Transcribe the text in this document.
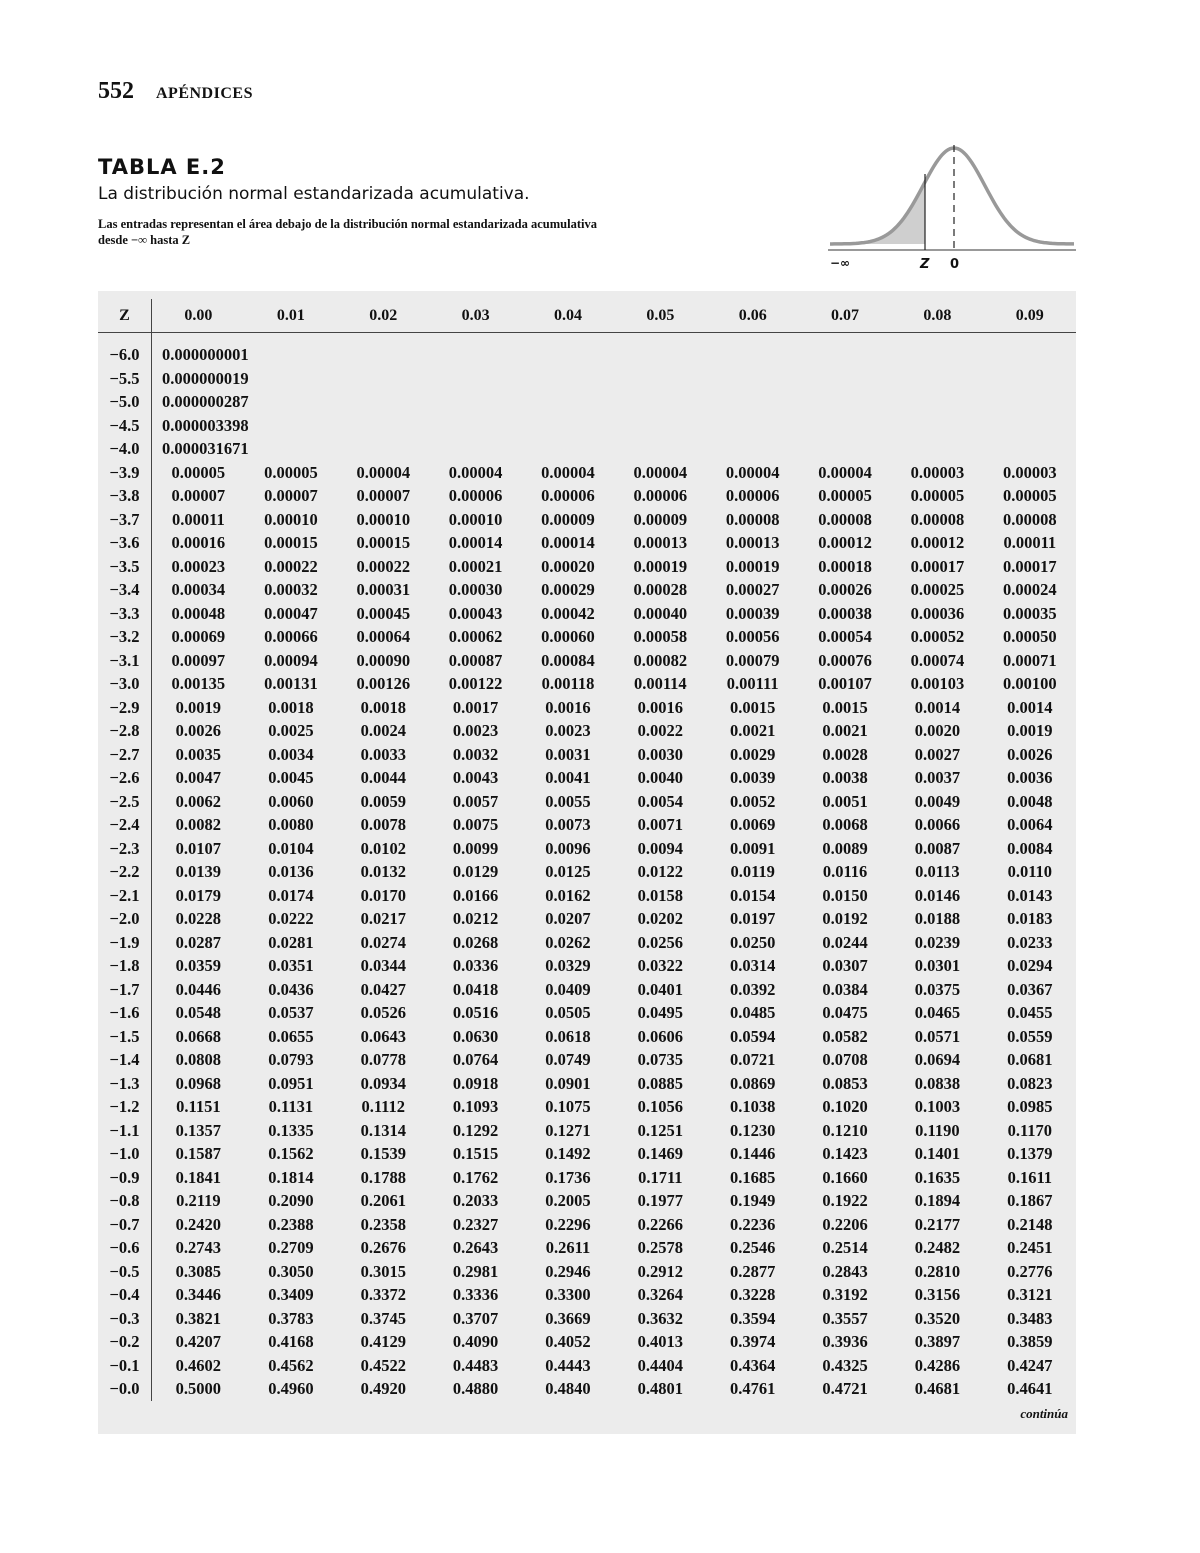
552 APÉNDICES
TABLA E.2
La distribución normal estandarizada acumulativa.
Las entradas representan el área debajo de la distribución normal estandarizada acumulativa
desde −∞ hasta Z
−∞	Z 0
Z	0.00	0.01	0.02	0.03	0.04	0.05	0.06	0.07	0.08	0.09

−6.0	0.000000001									
−5.5	0.000000019									
−5.0	0.000000287									
−4.5	0.000003398									
−4.0	0.000031671									
−3.9	0.00005	0.00005	0.00004	0.00004	0.00004	0.00004	0.00004	0.00004	0.00003	0.00003
−3.8	0.00007	0.00007	0.00007	0.00006	0.00006	0.00006	0.00006	0.00005	0.00005	0.00005
−3.7	0.00011	0.00010	0.00010	0.00010	0.00009	0.00009	0.00008	0.00008	0.00008	0.00008
−3.6	0.00016	0.00015	0.00015	0.00014	0.00014	0.00013	0.00013	0.00012	0.00012	0.00011
−3.5	0.00023	0.00022	0.00022	0.00021	0.00020	0.00019	0.00019	0.00018	0.00017	0.00017
−3.4	0.00034	0.00032	0.00031	0.00030	0.00029	0.00028	0.00027	0.00026	0.00025	0.00024
−3.3	0.00048	0.00047	0.00045	0.00043	0.00042	0.00040	0.00039	0.00038	0.00036	0.00035
−3.2	0.00069	0.00066	0.00064	0.00062	0.00060	0.00058	0.00056	0.00054	0.00052	0.00050
−3.1	0.00097	0.00094	0.00090	0.00087	0.00084	0.00082	0.00079	0.00076	0.00074	0.00071
−3.0	0.00135	0.00131	0.00126	0.00122	0.00118	0.00114	0.00111	0.00107	0.00103	0.00100
−2.9	0.0019	0.0018	0.0018	0.0017	0.0016	0.0016	0.0015	0.0015	0.0014	0.0014
−2.8	0.0026	0.0025	0.0024	0.0023	0.0023	0.0022	0.0021	0.0021	0.0020	0.0019
−2.7	0.0035	0.0034	0.0033	0.0032	0.0031	0.0030	0.0029	0.0028	0.0027	0.0026
−2.6	0.0047	0.0045	0.0044	0.0043	0.0041	0.0040	0.0039	0.0038	0.0037	0.0036
−2.5	0.0062	0.0060	0.0059	0.0057	0.0055	0.0054	0.0052	0.0051	0.0049	0.0048
−2.4	0.0082	0.0080	0.0078	0.0075	0.0073	0.0071	0.0069	0.0068	0.0066	0.0064
−2.3	0.0107	0.0104	0.0102	0.0099	0.0096	0.0094	0.0091	0.0089	0.0087	0.0084
−2.2	0.0139	0.0136	0.0132	0.0129	0.0125	0.0122	0.0119	0.0116	0.0113	0.0110
−2.1	0.0179	0.0174	0.0170	0.0166	0.0162	0.0158	0.0154	0.0150	0.0146	0.0143
−2.0	0.0228	0.0222	0.0217	0.0212	0.0207	0.0202	0.0197	0.0192	0.0188	0.0183
−1.9	0.0287	0.0281	0.0274	0.0268	0.0262	0.0256	0.0250	0.0244	0.0239	0.0233
−1.8	0.0359	0.0351	0.0344	0.0336	0.0329	0.0322	0.0314	0.0307	0.0301	0.0294
−1.7	0.0446	0.0436	0.0427	0.0418	0.0409	0.0401	0.0392	0.0384	0.0375	0.0367
−1.6	0.0548	0.0537	0.0526	0.0516	0.0505	0.0495	0.0485	0.0475	0.0465	0.0455
−1.5	0.0668	0.0655	0.0643	0.0630	0.0618	0.0606	0.0594	0.0582	0.0571	0.0559
−1.4	0.0808	0.0793	0.0778	0.0764	0.0749	0.0735	0.0721	0.0708	0.0694	0.0681
−1.3	0.0968	0.0951	0.0934	0.0918	0.0901	0.0885	0.0869	0.0853	0.0838	0.0823
−1.2	0.1151	0.1131	0.1112	0.1093	0.1075	0.1056	0.1038	0.1020	0.1003	0.0985
−1.1	0.1357	0.1335	0.1314	0.1292	0.1271	0.1251	0.1230	0.1210	0.1190	0.1170
−1.0	0.1587	0.1562	0.1539	0.1515	0.1492	0.1469	0.1446	0.1423	0.1401	0.1379
−0.9	0.1841	0.1814	0.1788	0.1762	0.1736	0.1711	0.1685	0.1660	0.1635	0.1611
−0.8	0.2119	0.2090	0.2061	0.2033	0.2005	0.1977	0.1949	0.1922	0.1894	0.1867
−0.7	0.2420	0.2388	0.2358	0.2327	0.2296	0.2266	0.2236	0.2206	0.2177	0.2148
−0.6	0.2743	0.2709	0.2676	0.2643	0.2611	0.2578	0.2546	0.2514	0.2482	0.2451
−0.5	0.3085	0.3050	0.3015	0.2981	0.2946	0.2912	0.2877	0.2843	0.2810	0.2776
−0.4	0.3446	0.3409	0.3372	0.3336	0.3300	0.3264	0.3228	0.3192	0.3156	0.3121
−0.3	0.3821	0.3783	0.3745	0.3707	0.3669	0.3632	0.3594	0.3557	0.3520	0.3483
−0.2	0.4207	0.4168	0.4129	0.4090	0.4052	0.4013	0.3974	0.3936	0.3897	0.3859
−0.1	0.4602	0.4562	0.4522	0.4483	0.4443	0.4404	0.4364	0.4325	0.4286	0.4247
−0.0	0.5000	0.4960	0.4920	0.4880	0.4840	0.4801	0.4761	0.4721	0.4681	0.4641
continúa
